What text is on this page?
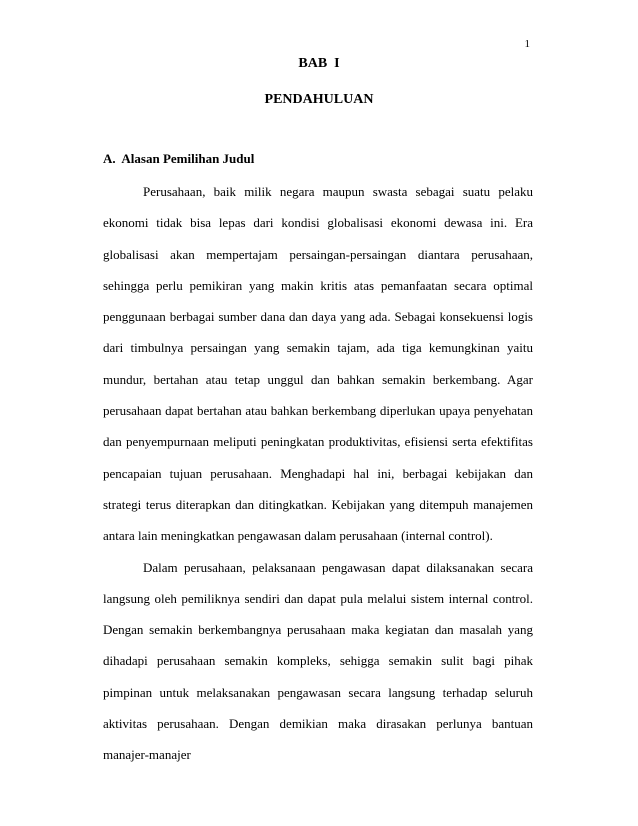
1
BAB  I
PENDAHULUAN
A.  Alasan Pemilihan Judul

Perusahaan, baik milik negara maupun swasta sebagai suatu pelaku ekonomi tidak bisa lepas dari kondisi globalisasi ekonomi dewasa ini. Era globalisasi akan mempertajam persaingan-persaingan diantara perusahaan, sehingga perlu pemikiran yang makin kritis atas pemanfaatan secara optimal penggunaan berbagai sumber dana dan daya yang ada. Sebagai konsekuensi logis dari timbulnya persaingan yang semakin tajam, ada tiga kemungkinan yaitu mundur, bertahan atau tetap unggul dan bahkan semakin berkembang. Agar perusahaan dapat bertahan atau bahkan berkembang diperlukan upaya penyehatan dan penyempurnaan meliputi peningkatan produktivitas, efisiensi serta efektifitas pencapaian tujuan perusahaan. Menghadapi hal ini, berbagai kebijakan dan strategi terus diterapkan dan ditingkatkan. Kebijakan yang ditempuh manajemen antara lain meningkatkan pengawasan dalam perusahaan (internal control).

Dalam perusahaan, pelaksanaan pengawasan dapat dilaksanakan secara langsung oleh pemiliknya sendiri dan dapat pula melalui sistem internal control. Dengan semakin berkembangnya perusahaan maka kegiatan dan masalah yang dihadapi perusahaan semakin kompleks, sehigga semakin sulit bagi pihak pimpinan untuk melaksanakan pengawasan secara langsung terhadap seluruh aktivitas perusahaan. Dengan demikian maka dirasakan perlunya bantuan manajer-manajer
